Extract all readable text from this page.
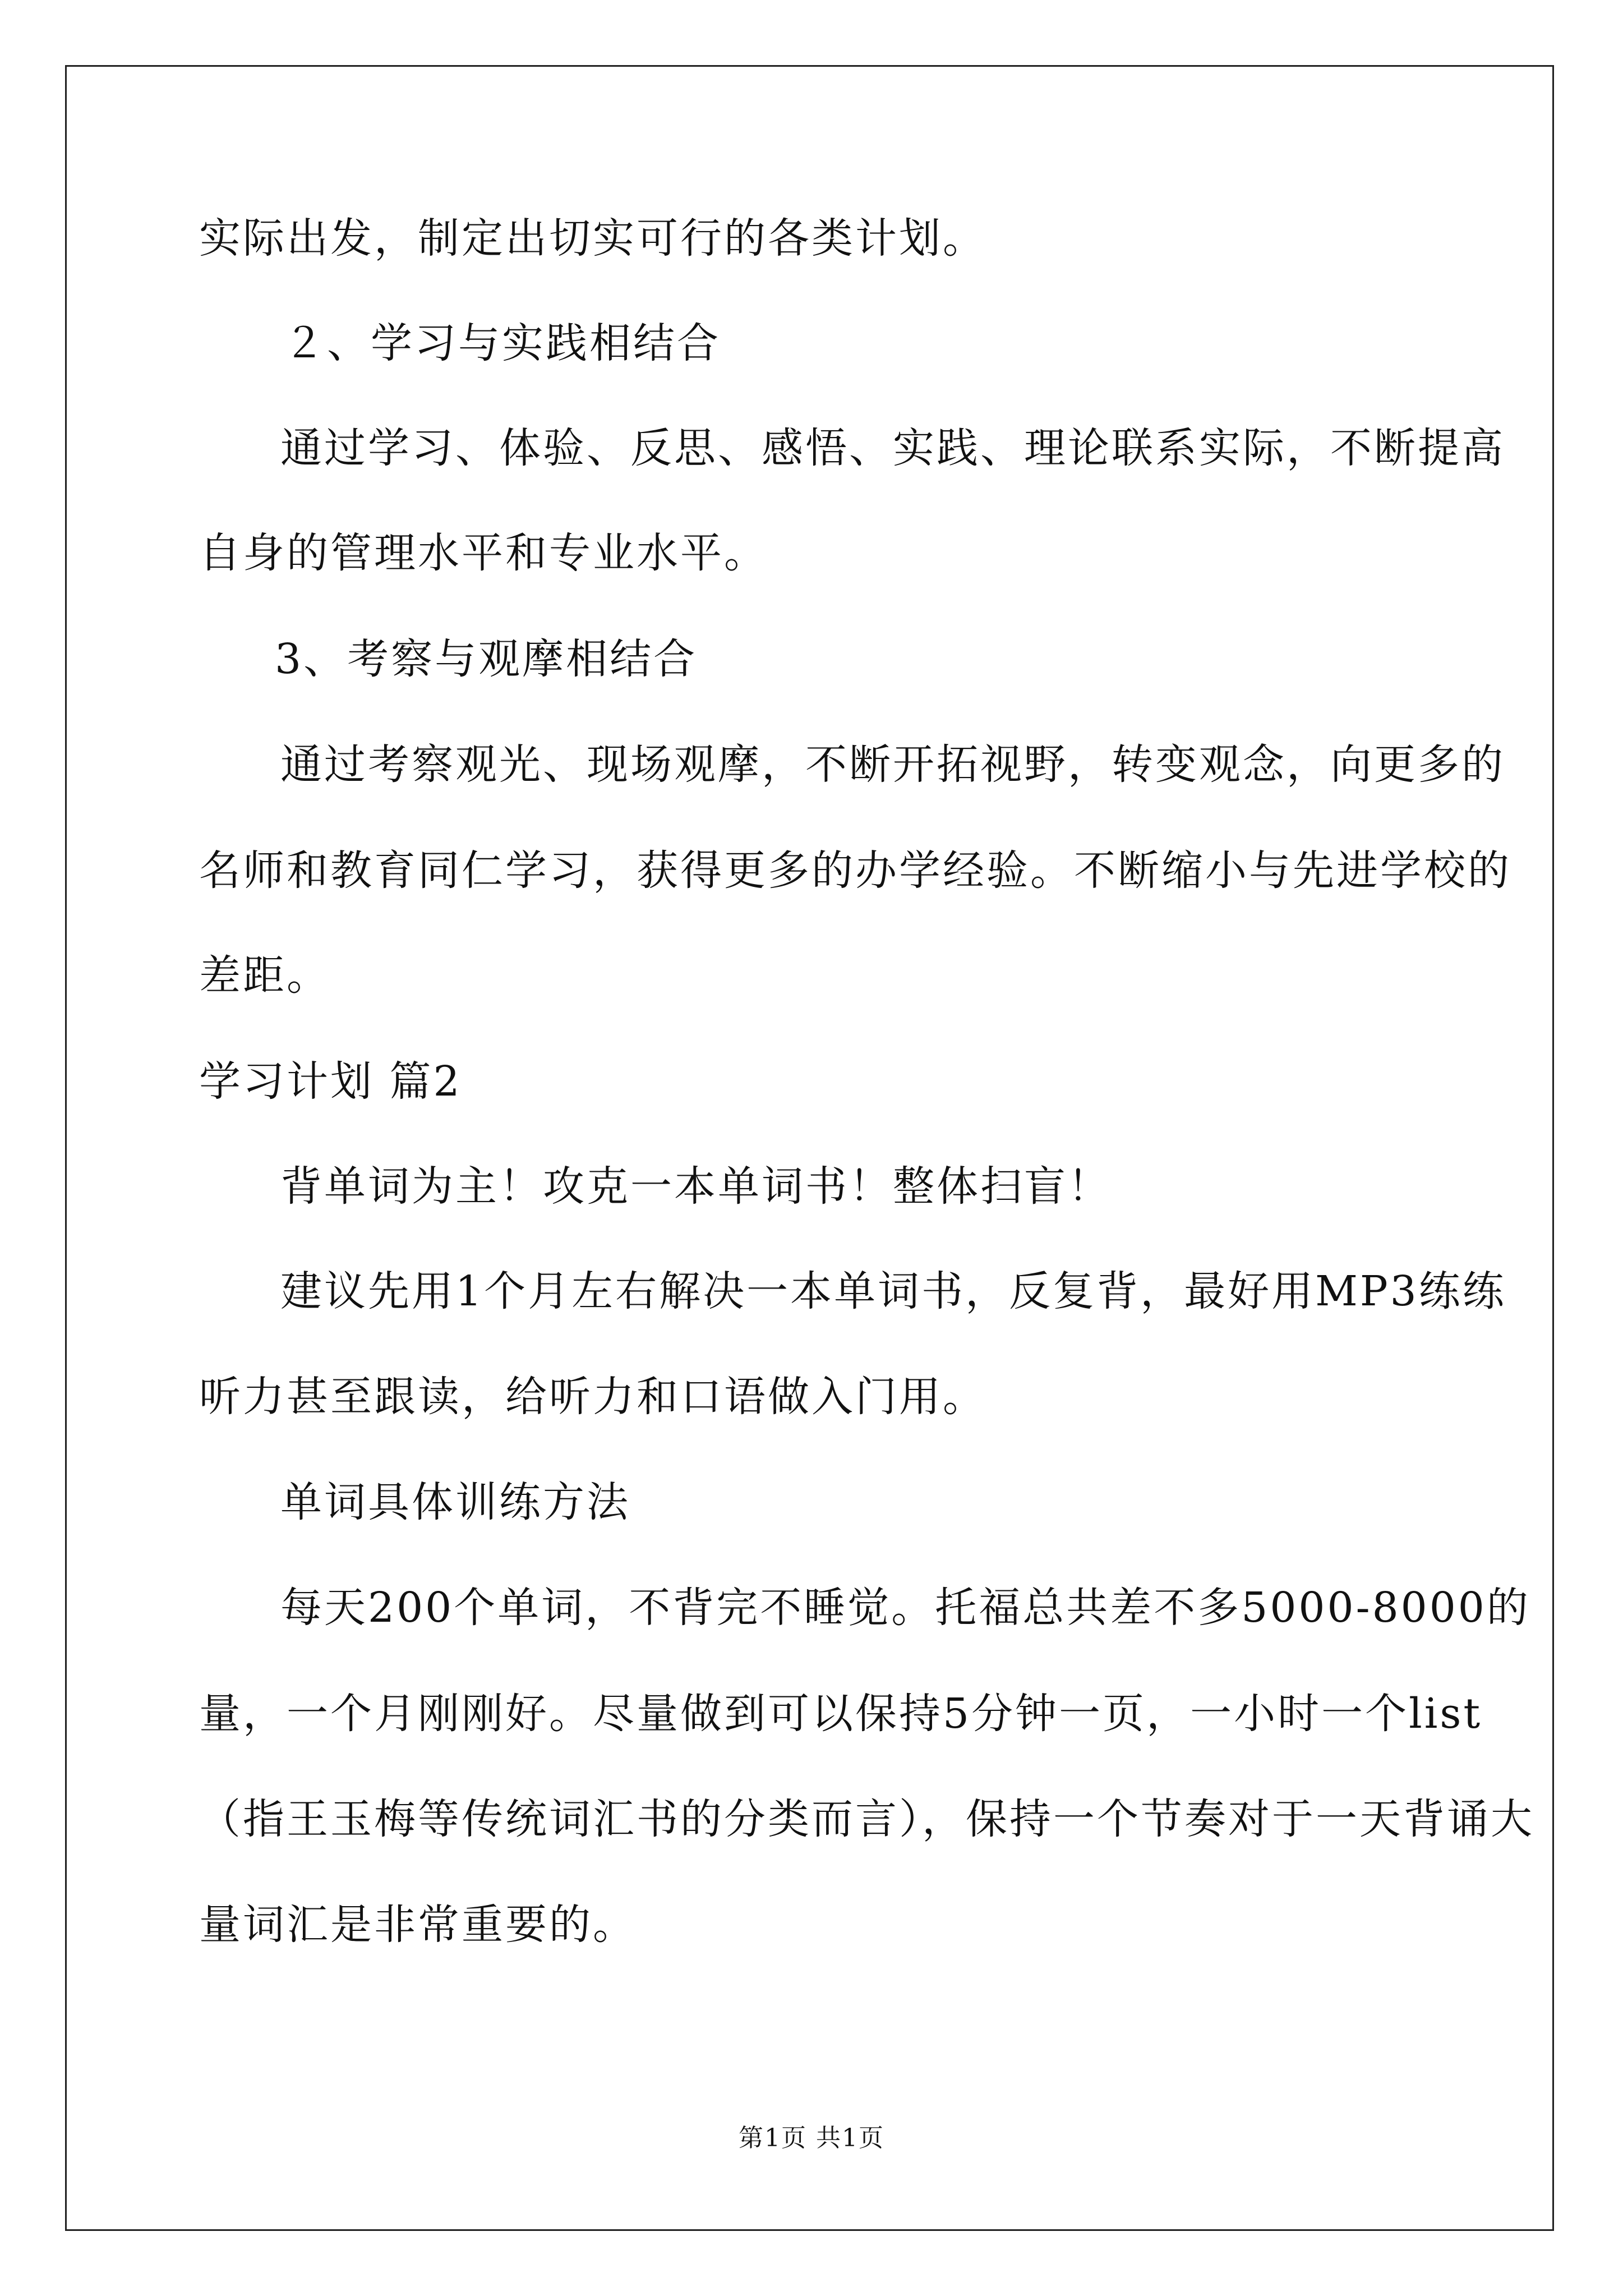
实际出发，制定出切实可行的各类计划。
２、学习与实践相结合
通过学习、体验、反思、感悟、实践、理论联系实际，不断提高
自身的管理水平和专业水平。
3、考察与观摩相结合
通过考察观光、现场观摩，不断开拓视野，转变观念，向更多的
名师和教育同仁学习，获得更多的办学经验。不断缩小与先进学校的
差距。
学习计划 篇2
背单词为主！攻克一本单词书！整体扫盲！
建议先用1个月左右解决一本单词书，反复背，最好用MP3练练
听力甚至跟读，给听力和口语做入门用。
单词具体训练方法
每天200个单词，不背完不睡觉。托福总共差不多5000-8000的
量，一个月刚刚好。尽量做到可以保持5分钟一页，一小时一个list
（指王玉梅等传统词汇书的分类而言），保持一个节奏对于一天背诵大
量词汇是非常重要的。
第1页 共1页
